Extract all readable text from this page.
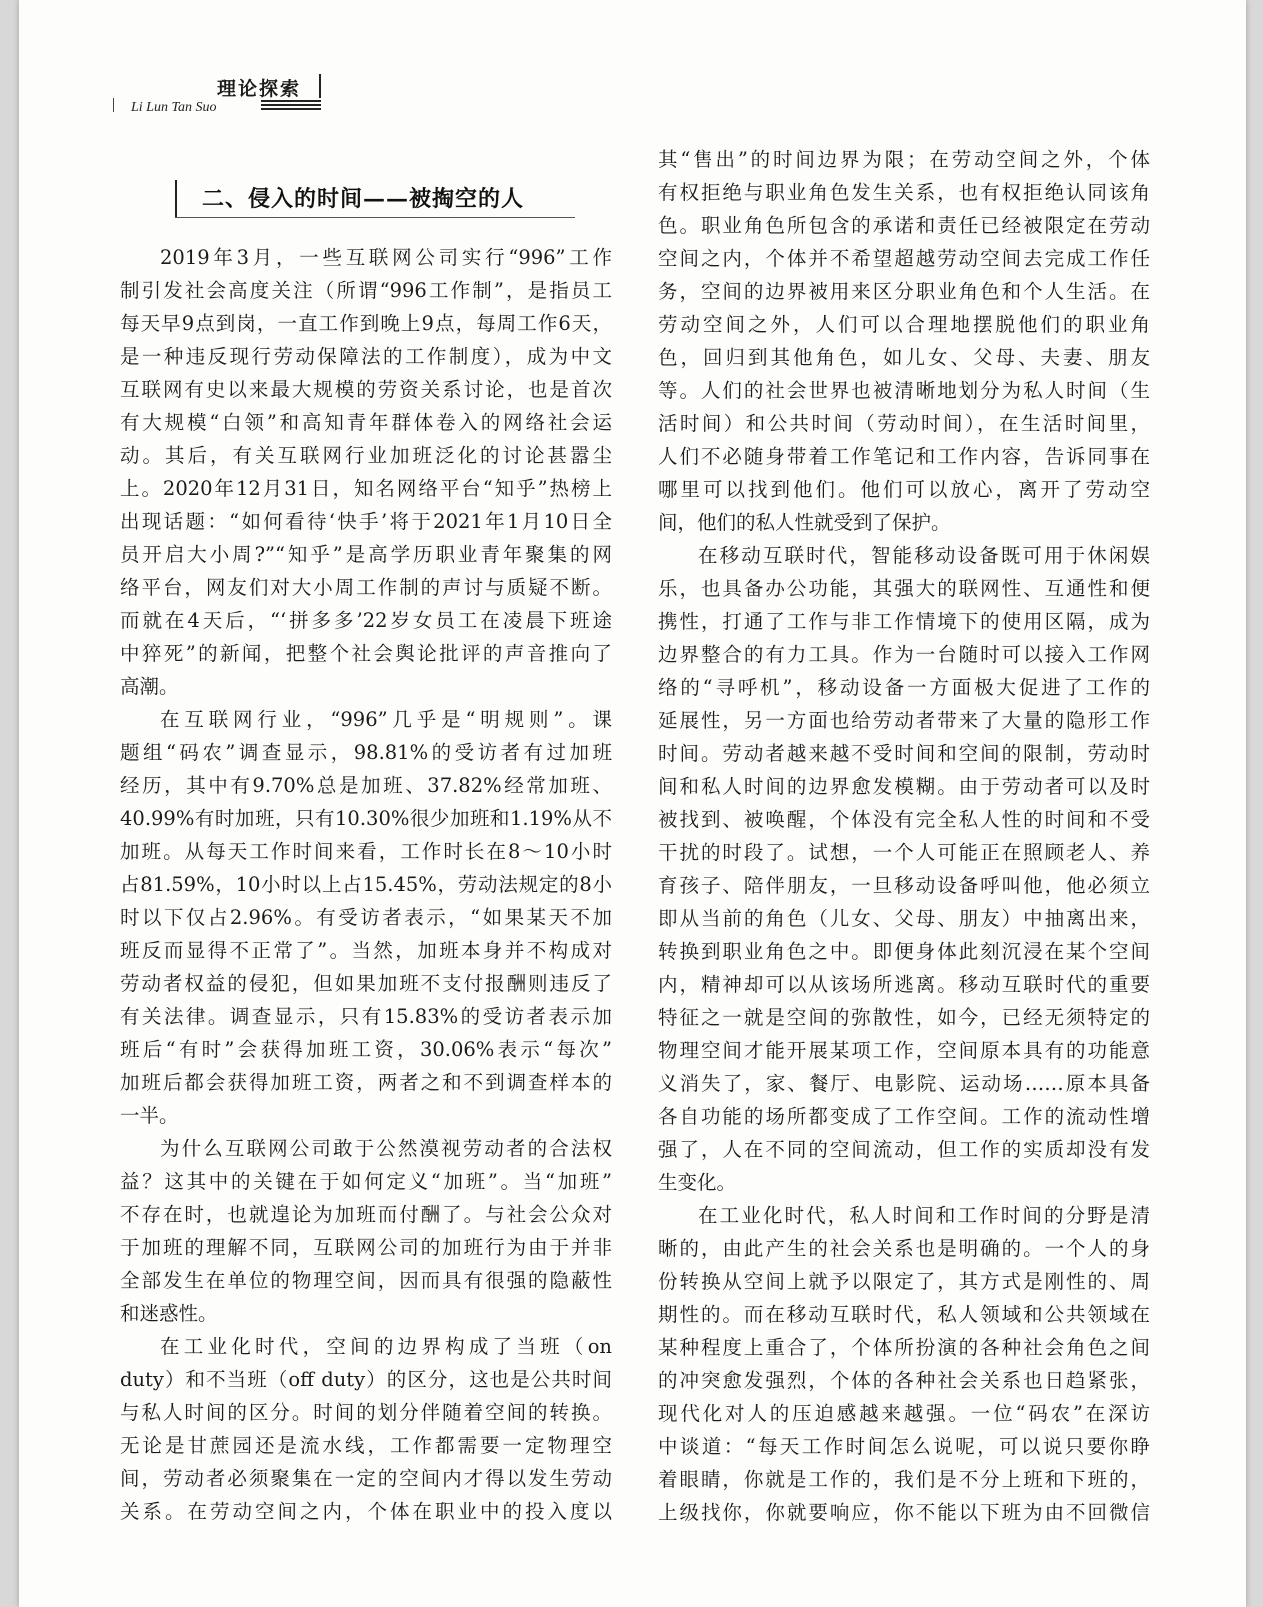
理论探索
Li Lun Tan Suo
二、侵入的时间——被掏空的人
2019年3月，一些互联网公司实行“996”工作
制引发社会高度关注（所谓“996工作制”，是指员工
每天早9点到岗，一直工作到晚上9点，每周工作6天，
是一种违反现行劳动保障法的工作制度），成为中文
互联网有史以来最大规模的劳资关系讨论，也是首次
有大规模“白领”和高知青年群体卷入的网络社会运
动。其后，有关互联网行业加班泛化的讨论甚嚣尘
上。2020年12月31日，知名网络平台“知乎”热榜上
出现话题：“如何看待‘快手’将于2021年1月10日全
员开启大小周?”“知乎”是高学历职业青年聚集的网
络平台，网友们对大小周工作制的声讨与质疑不断。
而就在4天后，“‘拼多多’22岁女员工在凌晨下班途
中猝死”的新闻，把整个社会舆论批评的声音推向了
高潮。
在互联网行业，“996”几乎是“明规则”。课
题组“码农”调查显示，98.81%的受访者有过加班
经历，其中有9.70%总是加班、37.82%经常加班、
40.99%有时加班，只有10.30%很少加班和1.19%从不
加班。从每天工作时间来看，工作时长在8～10小时
占81.59%，10小时以上占15.45%，劳动法规定的8小
时以下仅占2.96%。有受访者表示，“如果某天不加
班反而显得不正常了”。当然，加班本身并不构成对
劳动者权益的侵犯，但如果加班不支付报酬则违反了
有关法律。调查显示，只有15.83%的受访者表示加
班后“有时”会获得加班工资，30.06%表示“每次”
加班后都会获得加班工资，两者之和不到调查样本的
一半。
为什么互联网公司敢于公然漠视劳动者的合法权
益？这其中的关键在于如何定义“加班”。当“加班”
不存在时，也就遑论为加班而付酬了。与社会公众对
于加班的理解不同，互联网公司的加班行为由于并非
全部发生在单位的物理空间，因而具有很强的隐蔽性
和迷惑性。
在工业化时代，空间的边界构成了当班（on
duty）和不当班（off duty）的区分，这也是公共时间
与私人时间的区分。时间的划分伴随着空间的转换。
无论是甘蔗园还是流水线，工作都需要一定物理空
间，劳动者必须聚集在一定的空间内才得以发生劳动
关系。在劳动空间之内，个体在职业中的投入度以
其“售出”的时间边界为限；在劳动空间之外，个体
有权拒绝与职业角色发生关系，也有权拒绝认同该角
色。职业角色所包含的承诺和责任已经被限定在劳动
空间之内，个体并不希望超越劳动空间去完成工作任
务，空间的边界被用来区分职业角色和个人生活。在
劳动空间之外，人们可以合理地摆脱他们的职业角
色，回归到其他角色，如儿女、父母、夫妻、朋友
等。人们的社会世界也被清晰地划分为私人时间（生
活时间）和公共时间（劳动时间），在生活时间里，
人们不必随身带着工作笔记和工作内容，告诉同事在
哪里可以找到他们。他们可以放心，离开了劳动空
间，他们的私人性就受到了保护。
在移动互联时代，智能移动设备既可用于休闲娱
乐，也具备办公功能，其强大的联网性、互通性和便
携性，打通了工作与非工作情境下的使用区隔，成为
边界整合的有力工具。作为一台随时可以接入工作网
络的“寻呼机”，移动设备一方面极大促进了工作的
延展性，另一方面也给劳动者带来了大量的隐形工作
时间。劳动者越来越不受时间和空间的限制，劳动时
间和私人时间的边界愈发模糊。由于劳动者可以及时
被找到、被唤醒，个体没有完全私人性的时间和不受
干扰的时段了。试想，一个人可能正在照顾老人、养
育孩子、陪伴朋友，一旦移动设备呼叫他，他必须立
即从当前的角色（儿女、父母、朋友）中抽离出来，
转换到职业角色之中。即便身体此刻沉浸在某个空间
内，精神却可以从该场所逃离。移动互联时代的重要
特征之一就是空间的弥散性，如今，已经无须特定的
物理空间才能开展某项工作，空间原本具有的功能意
义消失了，家、餐厅、电影院、运动场……原本具备
各自功能的场所都变成了工作空间。工作的流动性增
强了，人在不同的空间流动，但工作的实质却没有发
生变化。
在工业化时代，私人时间和工作时间的分野是清
晰的，由此产生的社会关系也是明确的。一个人的身
份转换从空间上就予以限定了，其方式是刚性的、周
期性的。而在移动互联时代，私人领域和公共领域在
某种程度上重合了，个体所扮演的各种社会角色之间
的冲突愈发强烈，个体的各种社会关系也日趋紧张，
现代化对人的压迫感越来越强。一位“码农”在深访
中谈道：“每天工作时间怎么说呢，可以说只要你睁
着眼睛，你就是工作的，我们是不分上班和下班的，
上级找你，你就要响应，你不能以下班为由不回微信
